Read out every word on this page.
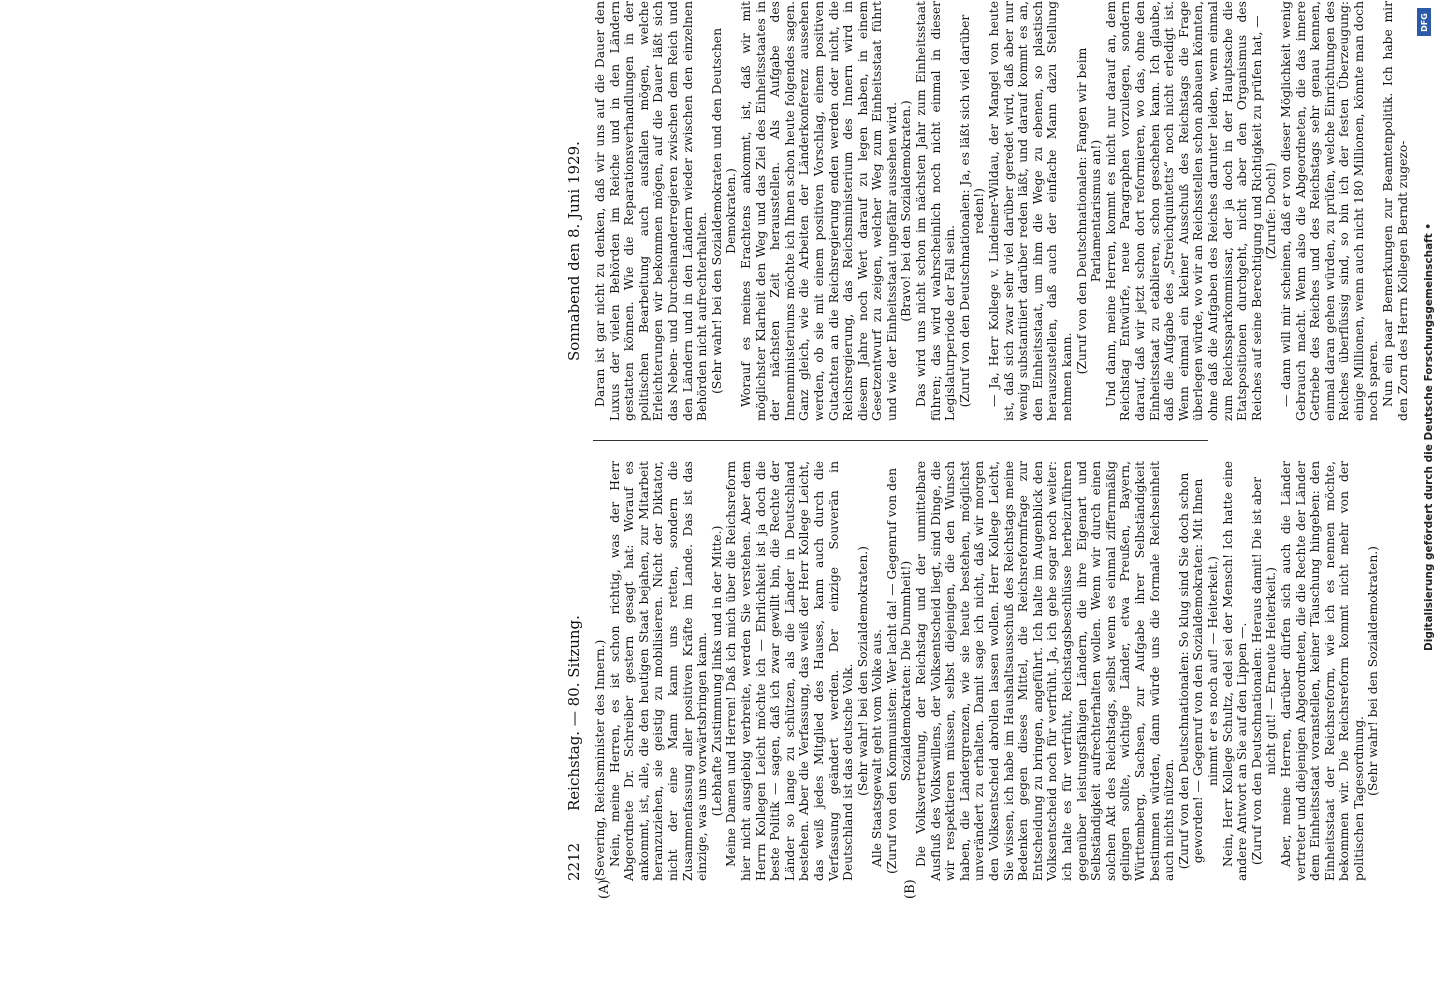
2212
Reichstag. — 80. Sitzung.
Sonnabend den 8. Juni 1929.
(A)	(B)

(Severing, Reichsminister des Innern.) Nein, meine Herren, es ist schon richtig, was der Herr Abgeordnete Dr. Schreiber gestern gesagt hat: Worauf es ankommt, ist, alle, die den heutigen Staat bejahen, zur Mitarbeit heranzuziehen, sie geistig zu mobilisieren. Nicht der Diktator, nicht der eine Mann kann uns retten, sondern die Zusammenfassung aller positiven Kräfte im Lande. Das ist das einzige, was uns vorwärtsbringen kann. (Lebhafte Zustimmung links und in der Mitte.) Meine Damen und Herren! Daß ich mich über die Reichsreform hier nicht ausgiebig verbreite, werden Sie verstehen. Aber dem Herrn Kollegen Leicht möchte ich — Ehrlichkeit ist ja doch die beste Politik — sagen, daß ich zwar gewillt bin, die Rechte der Länder so lange zu schützen, als die Länder in Deutschland bestehen. Aber die Verfassung, das weiß der Herr Kollege Leicht, das weiß jedes Mitglied des Hauses, kann auch durch die Verfassung geändert werden. Der einzige Souverän in Deutschland ist das deutsche Volk. (Sehr wahr! bei den Sozialdemokraten.) Alle Staatsgewalt geht vom Volke aus. (Zuruf von den Kommunisten: Wer lacht da! — Gegenruf von den Sozialdemokraten: Die Dummheit!) Die Volksvertretung, der Reichstag und der unmittelbare Ausfluß des Volkswillens, der Volksentscheid liegt, sind Dinge, die wir respektieren müssen, selbst diejenigen, die den Wunsch haben, die Ländergrenzen, wie sie heute bestehen, möglichst unverändert zu erhalten. Damit sage ich nicht, daß wir morgen den Volksentscheid abrollen lassen wollen. Herr Kollege Leicht, Sie wissen, ich habe im Haushaltsausschuß des Reichstags meine Bedenken gegen dieses Mittel, die Reichsreformfrage zur Entscheidung zu bringen, angeführt. Ich halte im Augenblick den Volksentscheid noch für verfrüht. Ja, ich gehe sogar noch weiter: ich halte es für verfrüht, Reichstagsbeschlüsse herbeizuführen gegenüber leistungsfähigen Ländern, die ihre Eigenart und Selbständigkeit aufrechterhalten wollen. Wenn wir durch einen solchen Akt des Reichstags, selbst wenn es einmal ziffernmäßig gelingen sollte, wichtige Länder, etwa Preußen, Bayern, Württemberg, Sachsen, zur Aufgabe ihrer Selbständigkeit bestimmen würden, dann würde uns die formale Reichseinheit auch nichts nützen. (Zuruf von den Deutschnationalen: So klug sind Sie doch schon geworden! — Gegenruf von den Sozialdemokraten: Mit Ihnen nimmt er es noch auf! — Heiterkeit.) Nein, Herr Kollege Schultz, edel sei der Mensch! Ich hatte eine andere Antwort an Sie auf den Lippen —. (Zuruf von den Deutschnationalen: Heraus damit! Die ist aber nicht gut! — Erneute Heiterkeit.) Aber, meine Herren, darüber dürfen sich auch die Länder vertreter und diejenigen Abgeordneten, die die Rechte der Länder dem Einheitsstaat voranstellen, keiner Täuschung hingeben: den Einheitsstaat der Reichsreform, wie ich es nennen möchte, bekommen wir. Die Reichsreform kommt nicht mehr von der politischen Tagesordnung.

(Sehr wahr! bei den Sozialdemokraten.)

Daran ist gar nicht zu denken, daß wir uns auf die Dauer den Luxus der vielen Behörden im Reiche und in den Ländern gestatten können. Wie die Reparationsverhandlungen in der politischen Bearbeitung auch ausfallen mögen, welche Erleichterungen wir bekommen mögen, auf die Dauer läßt sich das Neben- und Durcheinanderregieren zwischen dem Reich und den Ländern und in den Ländern wieder zwischen den einzelnen Behörden nicht aufrechterhalten. (Sehr wahr! bei den Sozialdemokraten und den Deutschen Demokraten.) Worauf es meines Erachtens ankommt, ist, daß wir mit möglichster Klarheit den Weg und das Ziel des Einheitsstaates in der nächsten Zeit herausstellen. Als Aufgabe des Innenministeriums möchte ich Ihnen schon heute folgendes sagen. Ganz gleich, wie die Arbeiten der Länderkonferenz aussehen werden, ob sie mit einem positiven Vorschlag, einem positiven Gutachten an die Reichsregierung enden werden oder nicht, die Reichsregierung, das Reichsministerium des Innern wird in diesem Jahre noch Wert darauf zu legen haben, in einem Gesetzentwurf zu zeigen, welcher Weg zum Einheitsstaat führt und wie der Einheitsstaat ungefähr aussehen wird. (Bravo! bei den Sozialdemokraten.) Das wird uns nicht schon im nächsten Jahr zum Einheitsstaat führen; das wird wahrscheinlich noch nicht einmal in dieser Legislaturperiode der Fall sein. (Zuruf von den Deutschnationalen: Ja, es läßt sich viel darüber reden!) — Ja, Herr Kollege v. Lindeiner-Wildau, der Mangel von heute ist, daß sich zwar sehr viel darüber geredet wird, daß aber nur wenig substantiiert darüber reden läßt, und darauf kommt es an, den Einheitsstaat, um ihm die Wege zu ebenen, so plastisch herauszustellen, daß auch der einfache Mann dazu Stellung nehmen kann.

(Zuruf von den Deutschnationalen: Fangen wir beim Parlamentarismus an!) Und dann, meine Herren, kommt es nicht nur darauf an, dem Reichstag Entwürfe, neue Paragraphen vorzulegen, sondern darauf, daß wir jetzt schon dort reformieren, wo das, ohne den Einheitsstaat zu etablieren, schon geschehen kann. Ich glaube, daß die Aufgabe des „Streichquintetts“ noch nicht erledigt ist. Wenn einmal ein kleiner Ausschuß des Reichstags die Frage überlegen würde, wo wir an Reichsstellen schon abbauen könnten, ohne daß die Aufgaben des Reiches darunter leiden, wenn einmal zum Reichssparkommissar, der ja doch in der Hauptsache die Etatspositionen durchgeht, nicht aber den Organismus des Reiches auf seine Berechtigung und Richtigkeit zu prüfen hat, — (Zurufe: Doch!) — dann will mir scheinen, daß er von dieser Möglichkeit wenig Gebrauch macht. Wenn also die Abgeordneten, die das innere Getriebe des Reiches und des Reichstags sehr genau kennen, einmal daran gehen würden, zu prüfen, welche Einrichtungen des Reiches überflüssig sind, so bin ich der festen Überzeugung: einige Millionen, wenn auch nicht 180 Millionen, könnte man doch noch sparen. Nun ein paar Bemerkungen zur Beamtenpolitik. Ich habe mir den Zorn des Herrn Kollegen Berndt zugezo- Digitalisierung gefördert durch die Deutsche Forschungsgemeinschaft •
DFG
